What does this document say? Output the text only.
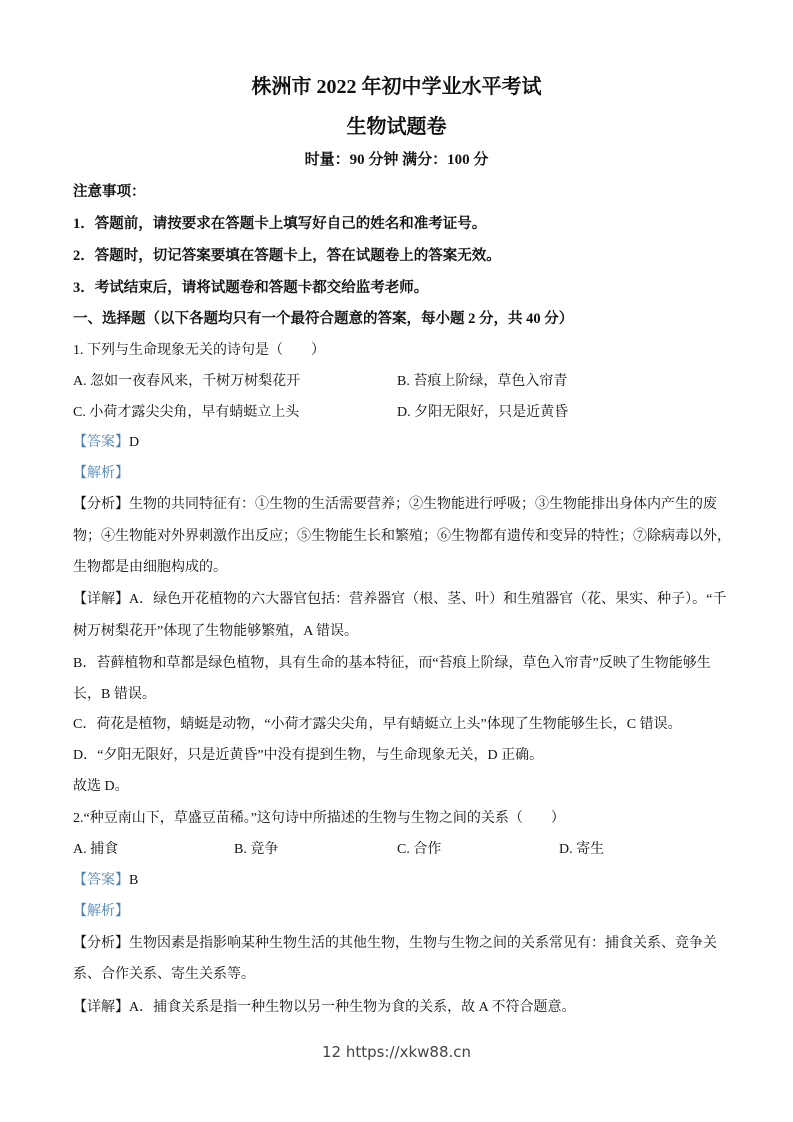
株洲市 2022 年初中学业水平考试
生物试题卷
时量：90 分钟 满分：100 分
注意事项：
1．答题前，请按要求在答题卡上填写好自己的姓名和准考证号。
2．答题时，切记答案要填在答题卡上，答在试题卷上的答案无效。
3．考试结束后，请将试题卷和答题卡都交给监考老师。
一、选择题（以下各题均只有一个最符合题意的答案，每小题 2 分，共 40 分）
1. 下列与生命现象无关的诗句是（　　）
A. 忽如一夜春风来，千树万树梨花开	B. 苔痕上阶绿，草色入帘青
C. 小荷才露尖尖角，早有蜻蜓立上头	D. 夕阳无限好，只是近黄昏
【答案】D
【解析】
【分析】生物的共同特征有：①生物的生活需要营养；②生物能进行呼吸；③生物能排出身体内产生的废
物；④生物能对外界刺激作出反应；⑤生物能生长和繁殖；⑥生物都有遗传和变异的特性；⑦除病毒以外，
生物都是由细胞构成的。
【详解】A．绿色开花植物的六大器官包括：营养器官（根、茎、叶）和生殖器官（花、果实、种子）。“千
树万树梨花开”体现了生物能够繁殖，A 错误。
B．苔藓植物和草都是绿色植物，具有生命的基本特征，而“苔痕上阶绿，草色入帘青”反映了生物能够生
长，B 错误。
C．荷花是植物，蜻蜓是动物，“小荷才露尖尖角，早有蜻蜓立上头”体现了生物能够生长，C 错误。
D．“夕阳无限好，只是近黄昏”中没有提到生物，与生命现象无关，D 正确。
故选 D。
2.“种豆南山下，草盛豆苗稀。”这句诗中所描述的生物与生物之间的关系（　　）
A. 捕食	B. 竞争	C. 合作	D. 寄生
【答案】B
【解析】
【分析】生物因素是指影响某种生物生活的其他生物，生物与生物之间的关系常见有：捕食关系、竞争关
系、合作关系、寄生关系等。
【详解】A．捕食关系是指一种生物以另一种生物为食的关系，故 A 不符合题意。
12 https://xkw88.cn
